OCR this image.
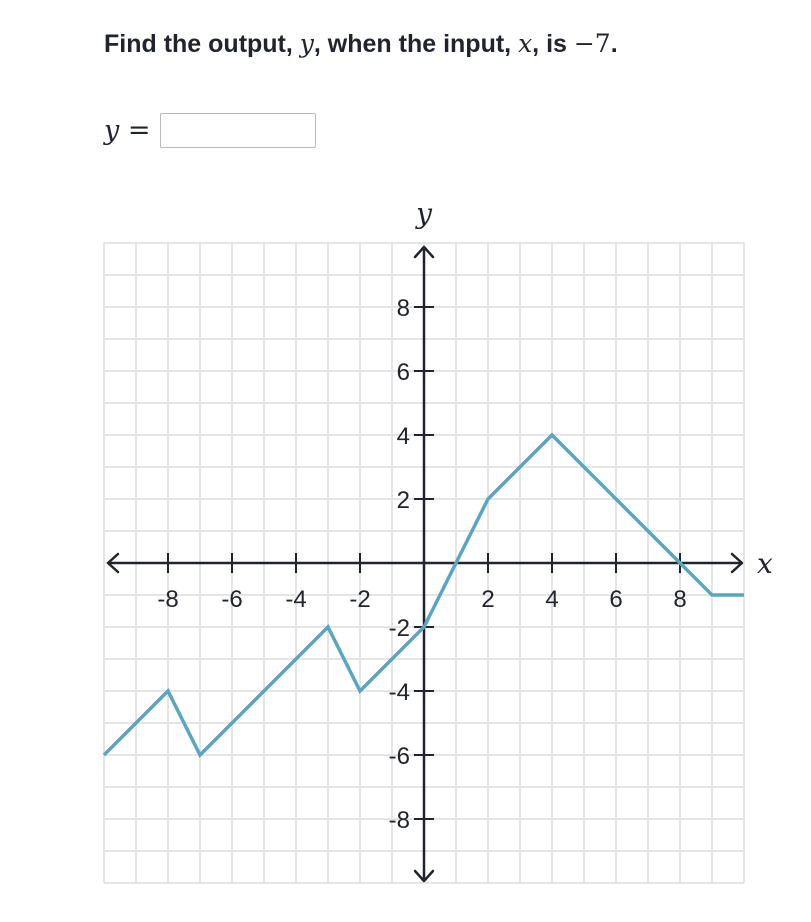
Find the output, y, when the input, x, is −7.
y =
x
y
-8 -6 -4 -2	2 4 6 8
8
6
4
2
-2
-4
-6
-8
